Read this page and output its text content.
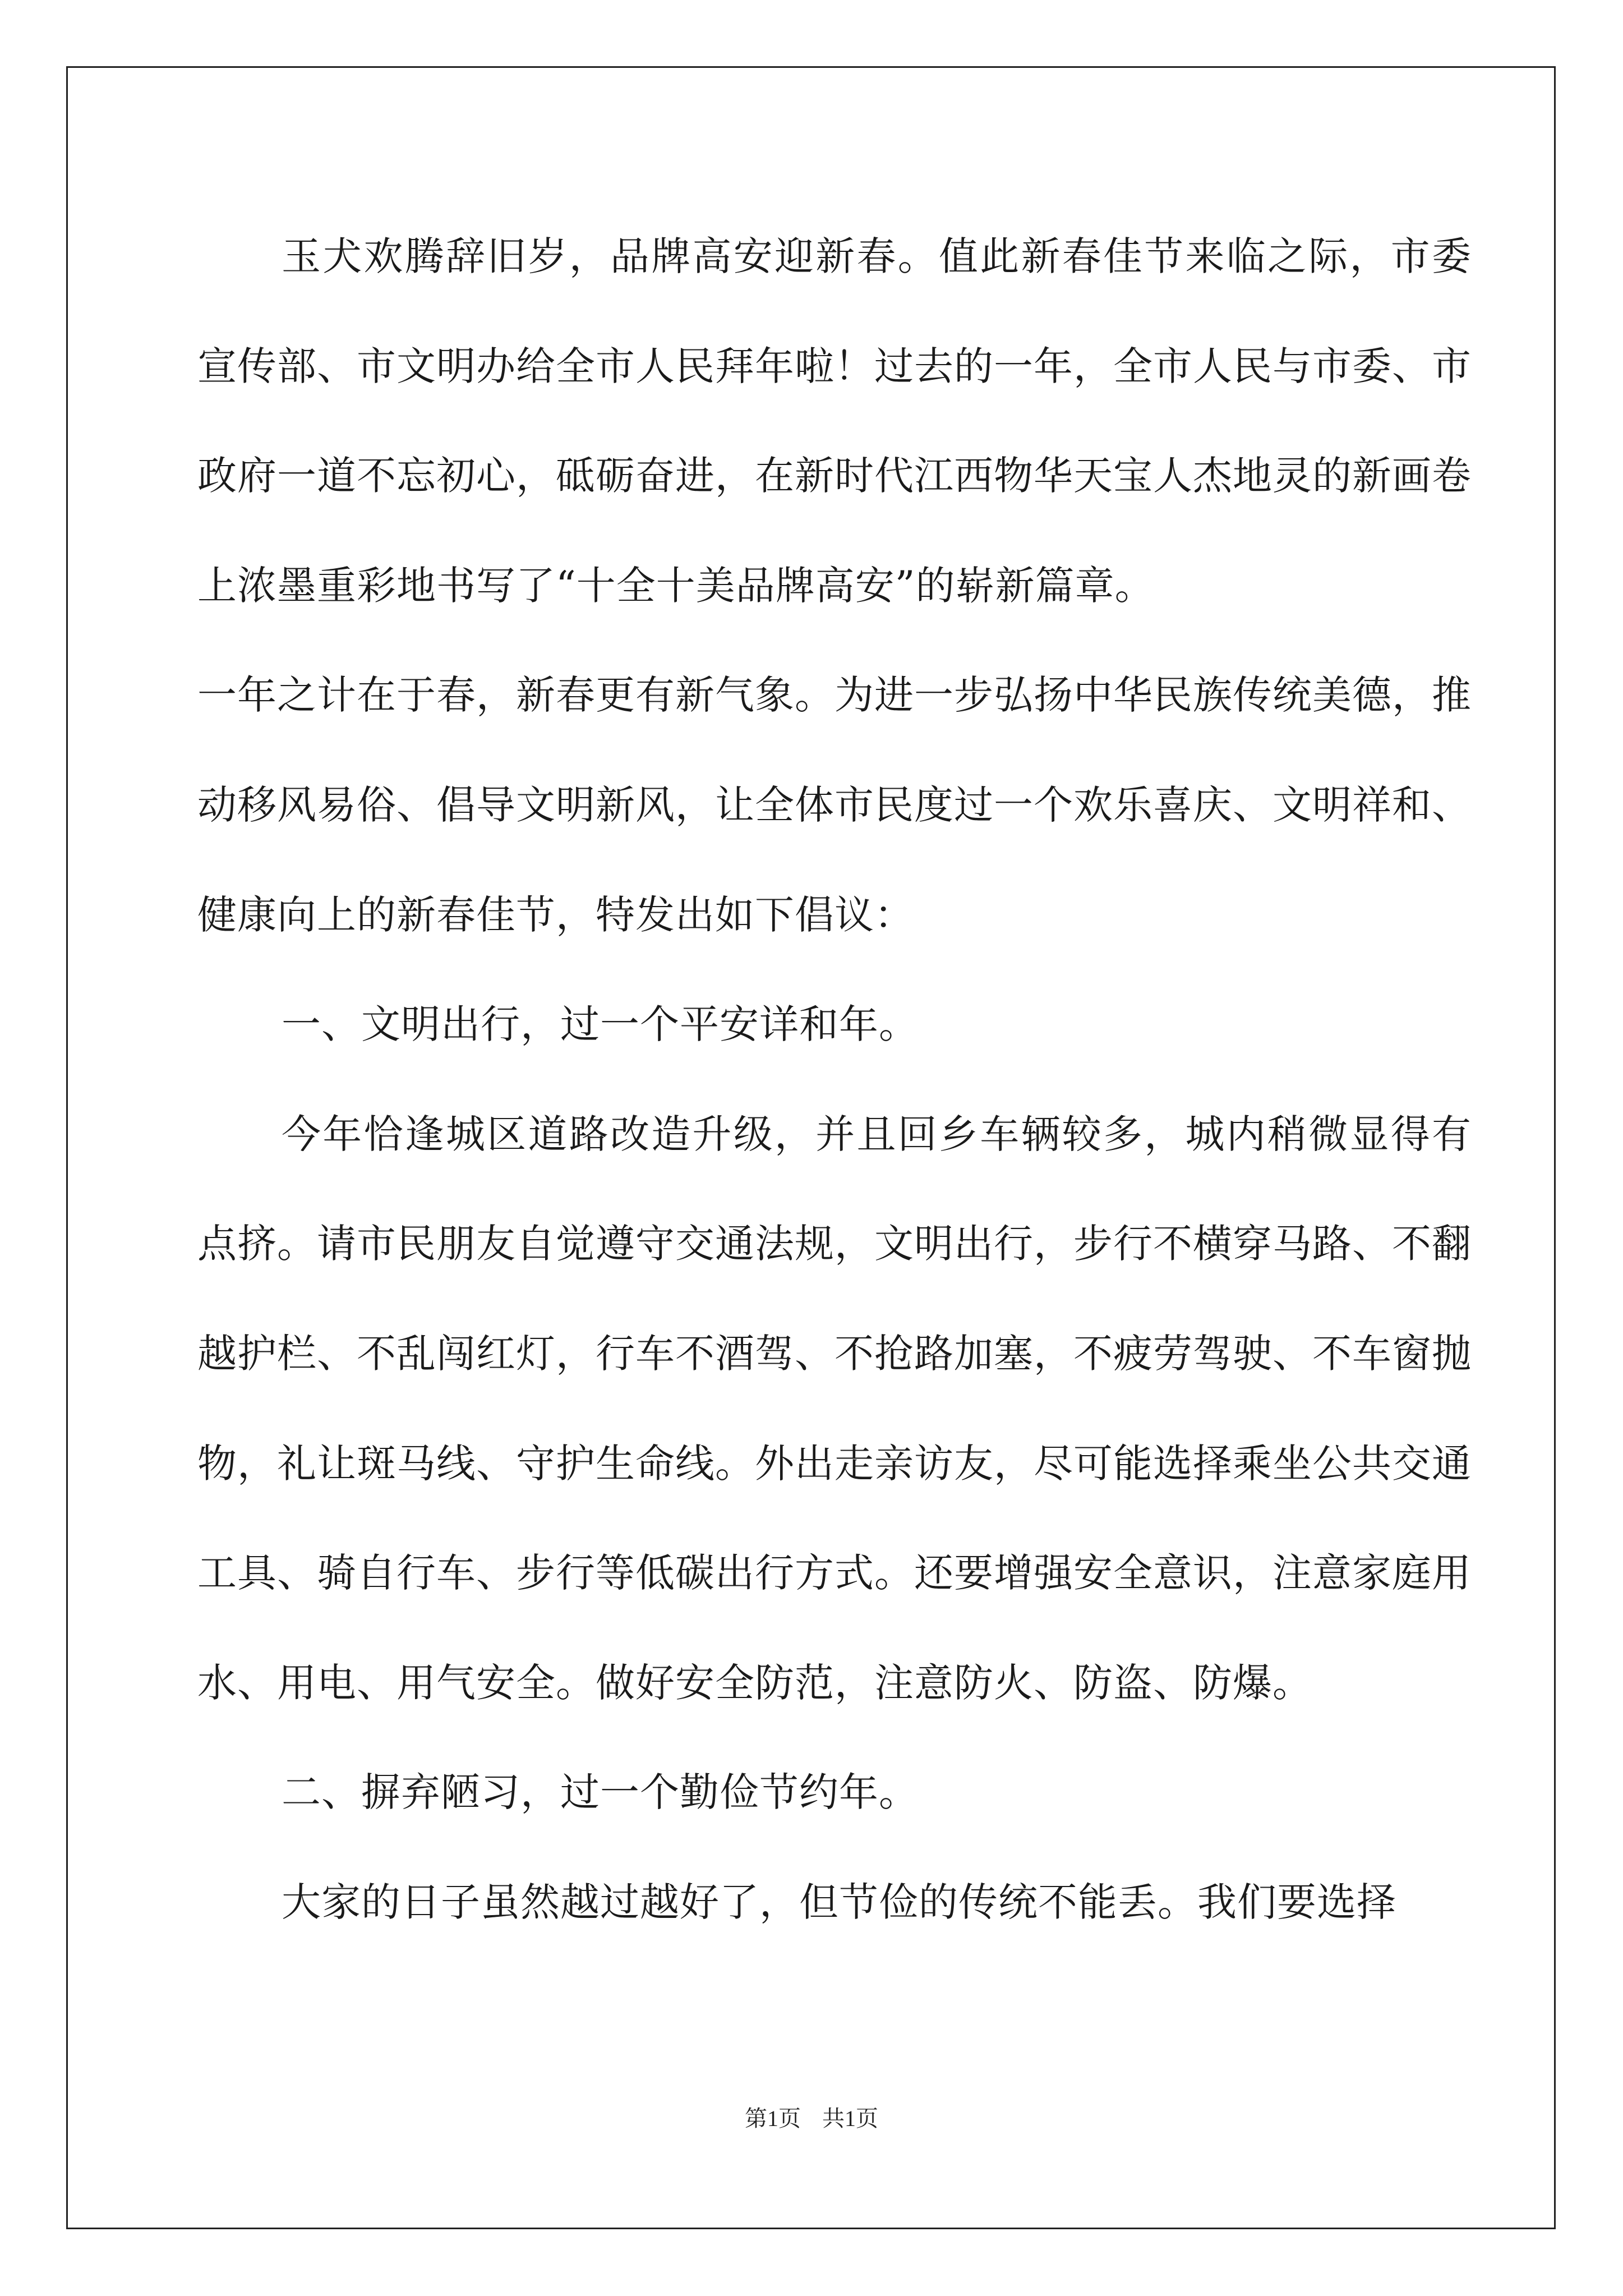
玉犬欢腾辞旧岁，品牌高安迎新春。值此新春佳节来临之际，市委宣传部、市文明办给全市人民拜年啦！过去的一年，全市人民与市委、市政府一道不忘初心，砥砺奋进，在新时代江西物华天宝人杰地灵的新画卷上浓墨重彩地书写了“十全十美品牌高安”的崭新篇章。

一年之计在于春，新春更有新气象。为进一步弘扬中华民族传统美德，推动移风易俗、倡导文明新风，让全体市民度过一个欢乐喜庆、文明祥和、健康向上的新春佳节，特发出如下倡议：

一、文明出行，过一个平安详和年。

今年恰逢城区道路改造升级，并且回乡车辆较多，城内稍微显得有点挤。请市民朋友自觉遵守交通法规，文明出行，步行不横穿马路、不翻越护栏、不乱闯红灯，行车不酒驾、不抢路加塞，不疲劳驾驶、不车窗抛物，礼让斑马线、守护生命线。外出走亲访友，尽可能选择乘坐公共交通工具、骑自行车、步行等低碳出行方式。还要增强安全意识，注意家庭用水、用电、用气安全。做好安全防范，注意防火、防盗、防爆。

二、摒弃陋习，过一个勤俭节约年。

大家的日子虽然越过越好了，但节俭的传统不能丢。我们要选择

第1页 共1页
